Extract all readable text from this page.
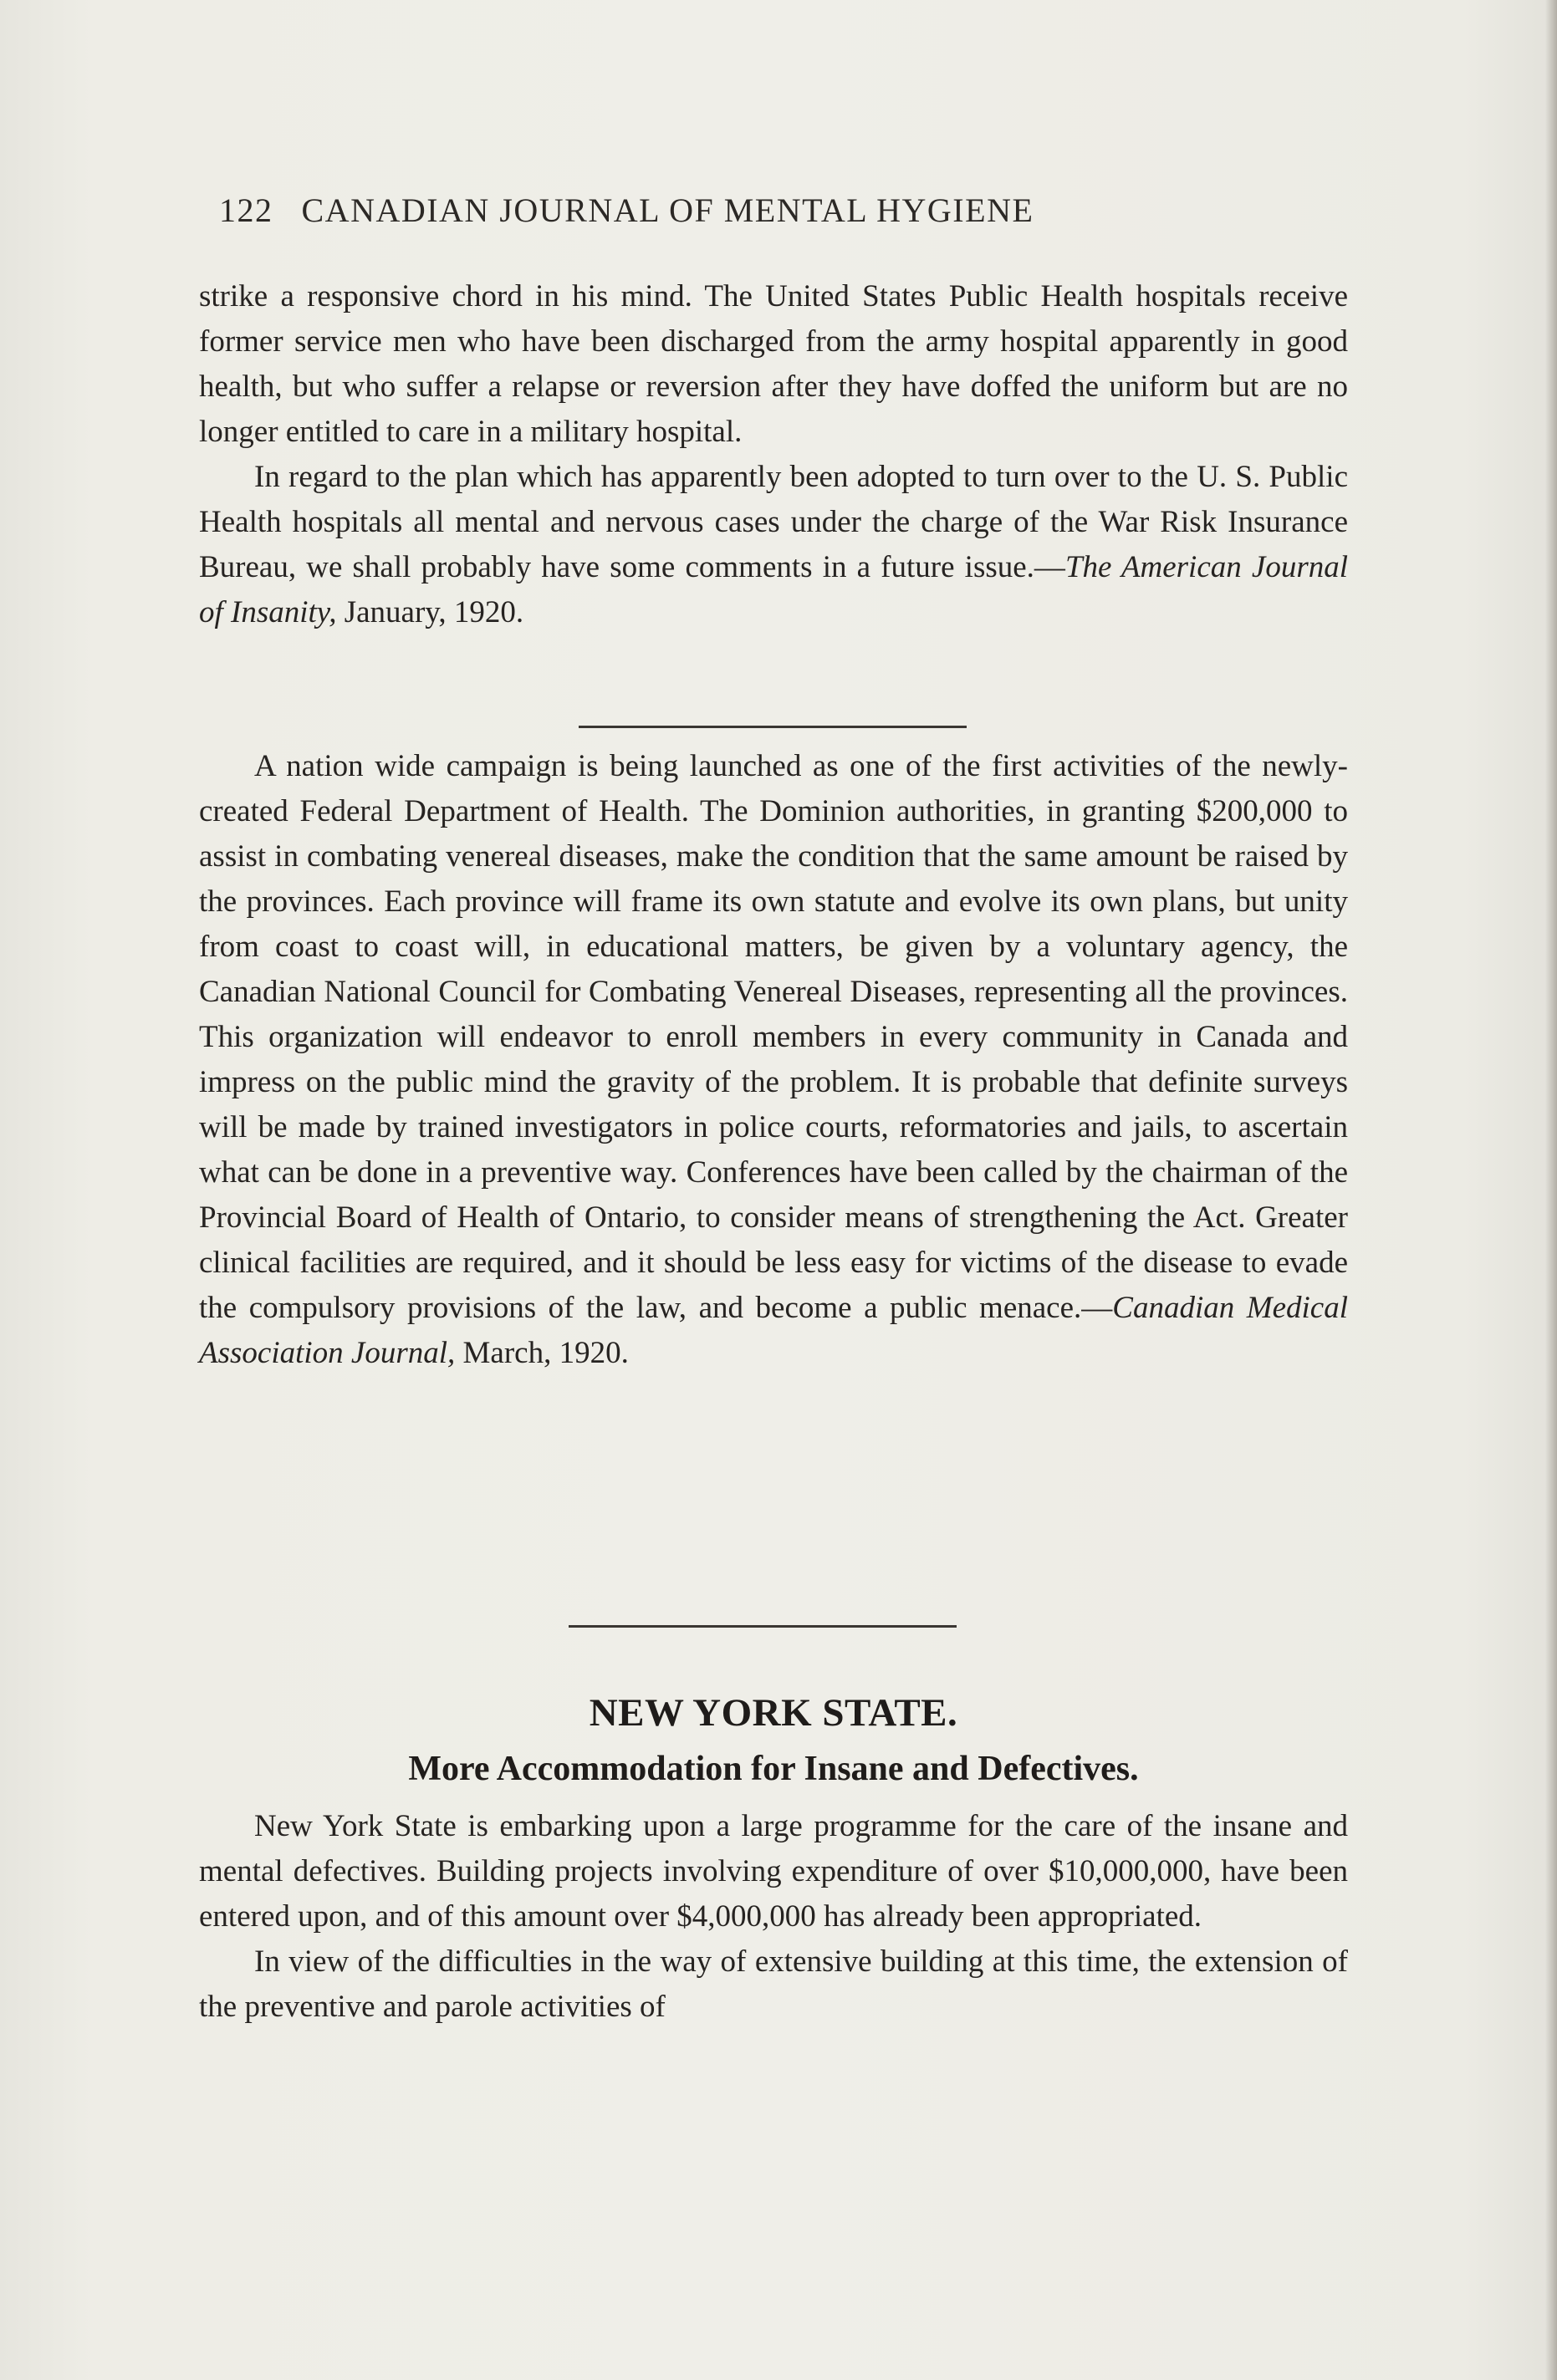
122 CANADIAN JOURNAL OF MENTAL HYGIENE

strike a responsive chord in his mind. The United States Public Health hospitals receive former service men who have been discharged from the army hospital apparently in good health, but who suffer a relapse or reversion after they have doffed the uniform but are no longer entitled to care in a military hospital.

In regard to the plan which has apparently been adopted to turn over to the U. S. Public Health hospitals all mental and nervous cases under the charge of the War Risk Insurance Bureau, we shall probably have some comments in a future issue.—The American Journal of Insanity, January, 1920.

A nation wide campaign is being launched as one of the first activities of the newly-created Federal Department of Health. The Dominion authorities, in granting $200,000 to assist in combating venereal diseases, make the condition that the same amount be raised by the provinces. Each province will frame its own statute and evolve its own plans, but unity from coast to coast will, in educational matters, be given by a voluntary agency, the Canadian National Council for Combating Venereal Diseases, representing all the provinces. This organization will endeavor to enroll members in every community in Canada and impress on the public mind the gravity of the problem. It is probable that definite surveys will be made by trained investigators in police courts, reformatories and jails, to ascertain what can be done in a preventive way. Conferences have been called by the chairman of the Provincial Board of Health of Ontario, to consider means of strengthening the Act. Greater clinical facilities are required, and it should be less easy for victims of the disease to evade the compulsory provisions of the law, and become a public menace.—Canadian Medical Association Journal, March, 1920.

NEW YORK STATE.
More Accommodation for Insane and Defectives.

New York State is embarking upon a large programme for the care of the insane and mental defectives. Building projects involving expenditure of over $10,000,000, have been entered upon, and of this amount over $4,000,000 has already been appropriated.

In view of the difficulties in the way of extensive building at this time, the extension of the preventive and parole activities of
